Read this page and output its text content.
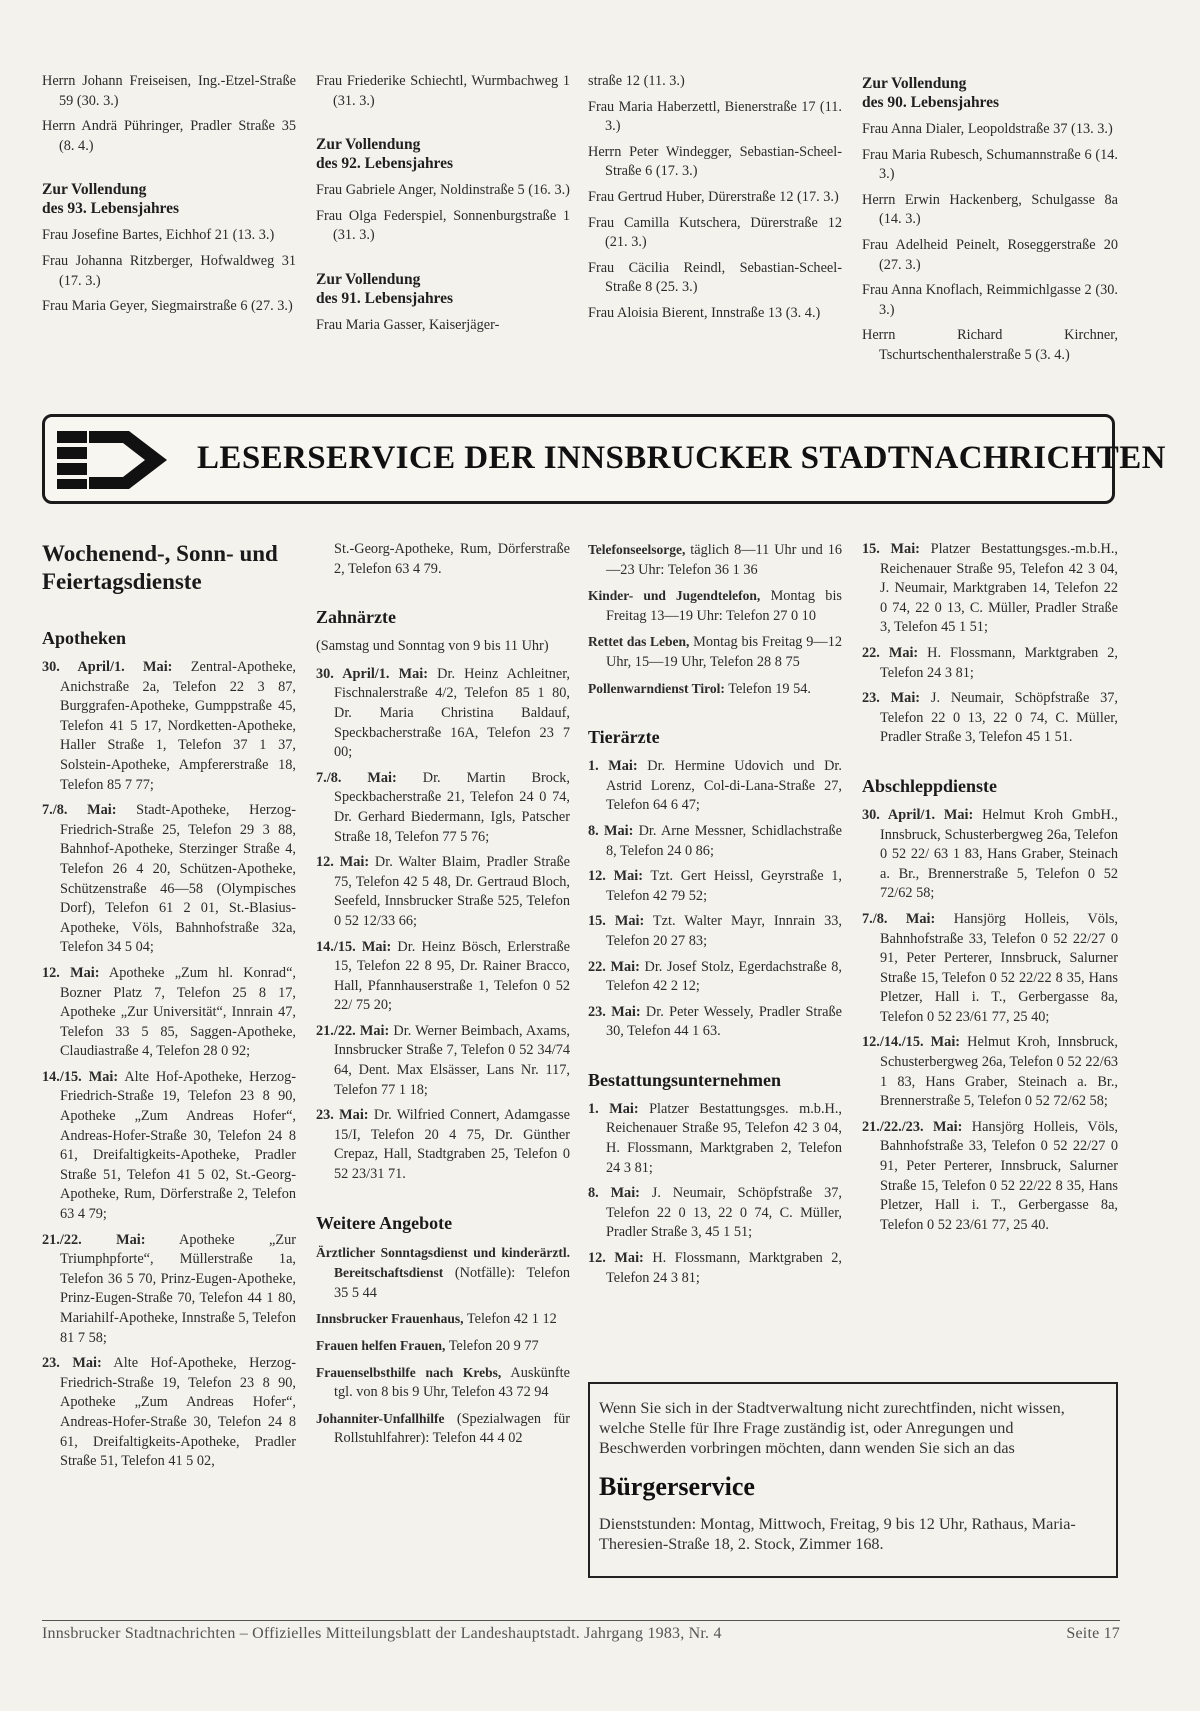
Herrn Johann Freiseisen, Ing.-Etzel-Straße 59 (30. 3.)

Herrn Andrä Pühringer, Pradler Straße 35 (8. 4.)

Zur Vollendung

des 93. Lebensjahres

Frau Josefine Bartes, Eichhof 21 (13. 3.)

Frau Johanna Ritzberger, Hofwaldweg 31 (17. 3.)

Frau Maria Geyer, Siegmairstraße 6 (27. 3.)

Frau Friederike Schiechtl, Wurmbachweg 1 (31. 3.)

Zur Vollendung

des 92. Lebensjahres

Frau Gabriele Anger, Noldinstraße 5 (16. 3.)

Frau Olga Federspiel, Sonnenburgstraße 1 (31. 3.)

Zur Vollendung

des 91. Lebensjahres

Frau Maria Gasser, Kaiserjäger-

straße 12 (11. 3.)

Frau Maria Haberzettl, Bienerstraße 17 (11. 3.)

Herrn Peter Windegger, Sebastian-Scheel-Straße 6 (17. 3.)

Frau Gertrud Huber, Dürerstraße 12 (17. 3.)

Frau Camilla Kutschera, Dürerstraße 12 (21. 3.)

Frau Cäcilia Reindl, Sebastian-Scheel-Straße 8 (25. 3.)

Frau Aloisia Bierent, Innstraße 13 (3. 4.)

Zur Vollendung

des 90. Lebensjahres

Frau Anna Dialer, Leopoldstraße 37 (13. 3.)

Frau Maria Rubesch, Schumannstraße 6 (14. 3.)

Herrn Erwin Hackenberg, Schulgasse 8a (14. 3.)

Frau Adelheid Peinelt, Roseggerstraße 20 (27. 3.)

Frau Anna Knoflach, Reimmichlgasse 2 (30. 3.)

Herrn Richard Kirchner, Tschurtschenthalerstraße 5 (3. 4.)

LESERSERVICE DER INNSBRUCKER STADTNACHRICHTEN
Wochenend-, Sonn- und Feiertagsdienste
Apotheken

30. April/1. Mai: Zentral-Apotheke, Anichstraße 2a, Telefon 22 3 87, Burggrafen-Apotheke, Gumppstraße 45, Telefon 41 5 17, Nordketten-Apotheke, Haller Straße 1, Telefon 37 1 37, Solstein-Apotheke, Ampfererstraße 18, Telefon 85 7 77;

7./8. Mai: Stadt-Apotheke, Herzog-Friedrich-Straße 25, Telefon 29 3 88, Bahnhof-Apotheke, Sterzinger Straße 4, Telefon 26 4 20, Schützen-Apotheke, Schützenstraße 46—58 (Olympisches Dorf), Telefon 61 2 01, St.-Blasius-Apotheke, Völs, Bahnhofstraße 32a, Telefon 34 5 04;

12. Mai: Apotheke „Zum hl. Konrad“, Bozner Platz 7, Telefon 25 8 17, Apotheke „Zur Universität“, Innrain 47, Telefon 33 5 85, Saggen-Apotheke, Claudiastraße 4, Telefon 28 0 92;

14./15. Mai: Alte Hof-Apotheke, Herzog-Friedrich-Straße 19, Telefon 23 8 90, Apotheke „Zum Andreas Hofer“, Andreas-Hofer-Straße 30, Telefon 24 8 61, Dreifaltigkeits-Apotheke, Pradler Straße 51, Telefon 41 5 02, St.-Georg-Apotheke, Rum, Dörferstraße 2, Telefon 63 4 79;

21./22. Mai: Apotheke „Zur Triumphpforte“, Müllerstraße 1a, Telefon 36 5 70, Prinz-Eugen-Apotheke, Prinz-Eugen-Straße 70, Telefon 44 1 80, Mariahilf-Apotheke, Innstraße 5, Telefon 81 7 58;

23. Mai: Alte Hof-Apotheke, Herzog-Friedrich-Straße 19, Telefon 23 8 90, Apotheke „Zum Andreas Hofer“, Andreas-Hofer-Straße 30, Telefon 24 8 61, Dreifaltigkeits-Apotheke, Pradler Straße 51, Telefon 41 5 02,

St.-Georg-Apotheke, Rum, Dörferstraße 2, Telefon 63 4 79.

Zahnärzte

(Samstag und Sonntag von 9 bis 11 Uhr)

30. April/1. Mai: Dr. Heinz Achleitner, Fischnalerstraße 4/2, Telefon 85 1 80, Dr. Maria Christina Baldauf, Speckbacherstraße 16A, Telefon 23 7 00;

7./8. Mai: Dr. Martin Brock, Speckbacherstraße 21, Telefon 24 0 74, Dr. Gerhard Biedermann, Igls, Patscher Straße 18, Telefon 77 5 76;

12. Mai: Dr. Walter Blaim, Pradler Straße 75, Telefon 42 5 48, Dr. Gertraud Bloch, Seefeld, Innsbrucker Straße 525, Telefon 0 52 12/33 66;

14./15. Mai: Dr. Heinz Bösch, Erlerstraße 15, Telefon 22 8 95, Dr. Rainer Bracco, Hall, Pfannhauserstraße 1, Telefon 0 52 22/ 75 20;

21./22. Mai: Dr. Werner Beimbach, Axams, Innsbrucker Straße 7, Telefon 0 52 34/74 64, Dent. Max Elsässer, Lans Nr. 117, Telefon 77 1 18;

23. Mai: Dr. Wilfried Connert, Adamgasse 15/I, Telefon 20 4 75, Dr. Günther Crepaz, Hall, Stadtgraben 25, Telefon 0 52 23/31 71.

Weitere Angebote

Ärztlicher Sonntagsdienst und kinderärztl. Bereitschaftsdienst (Notfälle): Telefon 35 5 44

Innsbrucker Frauenhaus, Telefon 42 1 12

Frauen helfen Frauen, Telefon 20 9 77

Frauenselbsthilfe nach Krebs, Auskünfte tgl. von 8 bis 9 Uhr, Telefon 43 72 94

Johanniter-Unfallhilfe (Spezialwagen für Rollstuhlfahrer): Telefon 44 4 02

Telefonseelsorge, täglich 8—11 Uhr und 16—23 Uhr: Telefon 36 1 36

Kinder- und Jugendtelefon, Montag bis Freitag 13—19 Uhr: Telefon 27 0 10

Rettet das Leben, Montag bis Freitag 9—12 Uhr, 15—19 Uhr, Telefon 28 8 75

Pollenwarndienst Tirol: Telefon 19 54.

Tierärzte

1. Mai: Dr. Hermine Udovich und Dr. Astrid Lorenz, Col-di-Lana-Straße 27, Telefon 64 6 47;

8. Mai: Dr. Arne Messner, Schidlachstraße 8, Telefon 24 0 86;

12. Mai: Tzt. Gert Heissl, Geyrstraße 1, Telefon 42 79 52;

15. Mai: Tzt. Walter Mayr, Innrain 33, Telefon 20 27 83;

22. Mai: Dr. Josef Stolz, Egerdachstraße 8, Telefon 42 2 12;

23. Mai: Dr. Peter Wessely, Pradler Straße 30, Telefon 44 1 63.

Bestattungsunternehmen

1. Mai: Platzer Bestattungsges. m.b.H., Reichenauer Straße 95, Telefon 42 3 04, H. Flossmann, Marktgraben 2, Telefon 24 3 81;

8. Mai: J. Neumair, Schöpfstraße 37, Telefon 22 0 13, 22 0 74, C. Müller, Pradler Straße 3, 45 1 51;

12. Mai: H. Flossmann, Marktgraben 2, Telefon 24 3 81;

15. Mai: Platzer Bestattungsges.-m.b.H., Reichenauer Straße 95, Telefon 42 3 04, J. Neumair, Marktgraben 14, Telefon 22 0 74, 22 0 13, C. Müller, Pradler Straße 3, Telefon 45 1 51;

22. Mai: H. Flossmann, Marktgraben 2, Telefon 24 3 81;

23. Mai: J. Neumair, Schöpfstraße 37, Telefon 22 0 13, 22 0 74, C. Müller, Pradler Straße 3, Telefon 45 1 51.

Abschleppdienste

30. April/1. Mai: Helmut Kroh GmbH., Innsbruck, Schusterbergweg 26a, Telefon 0 52 22/ 63 1 83, Hans Graber, Steinach a. Br., Brennerstraße 5, Telefon 0 52 72/62 58;

7./8. Mai: Hansjörg Holleis, Völs, Bahnhofstraße 33, Telefon 0 52 22/27 0 91, Peter Perterer, Innsbruck, Salurner Straße 15, Telefon 0 52 22/22 8 35, Hans Pletzer, Hall i. T., Gerbergasse 8a, Telefon 0 52 23/61 77, 25 40;

12./14./15. Mai: Helmut Kroh, Innsbruck, Schusterbergweg 26a, Telefon 0 52 22/63 1 83, Hans Graber, Steinach a. Br., Brennerstraße 5, Telefon 0 52 72/62 58;

21./22./23. Mai: Hansjörg Holleis, Völs, Bahnhofstraße 33, Telefon 0 52 22/27 0 91, Peter Perterer, Innsbruck, Salurner Straße 15, Telefon 0 52 22/22 8 35, Hans Pletzer, Hall i. T., Gerbergasse 8a, Telefon 0 52 23/61 77, 25 40.

Wenn Sie sich in der Stadtverwaltung nicht zurechtfinden, nicht wissen, welche Stelle für Ihre Frage zuständig ist, oder Anregungen und Beschwerden vorbringen möchten, dann wenden Sie sich an das

Bürgerservice

Dienststunden: Montag, Mittwoch, Freitag, 9 bis 12 Uhr, Rathaus, Maria-Theresien-Straße 18, 2. Stock, Zimmer 168.

Innsbrucker Stadtnachrichten – Offizielles Mitteilungsblatt der Landeshauptstadt. Jahrgang 1983, Nr. 4	Seite 17
